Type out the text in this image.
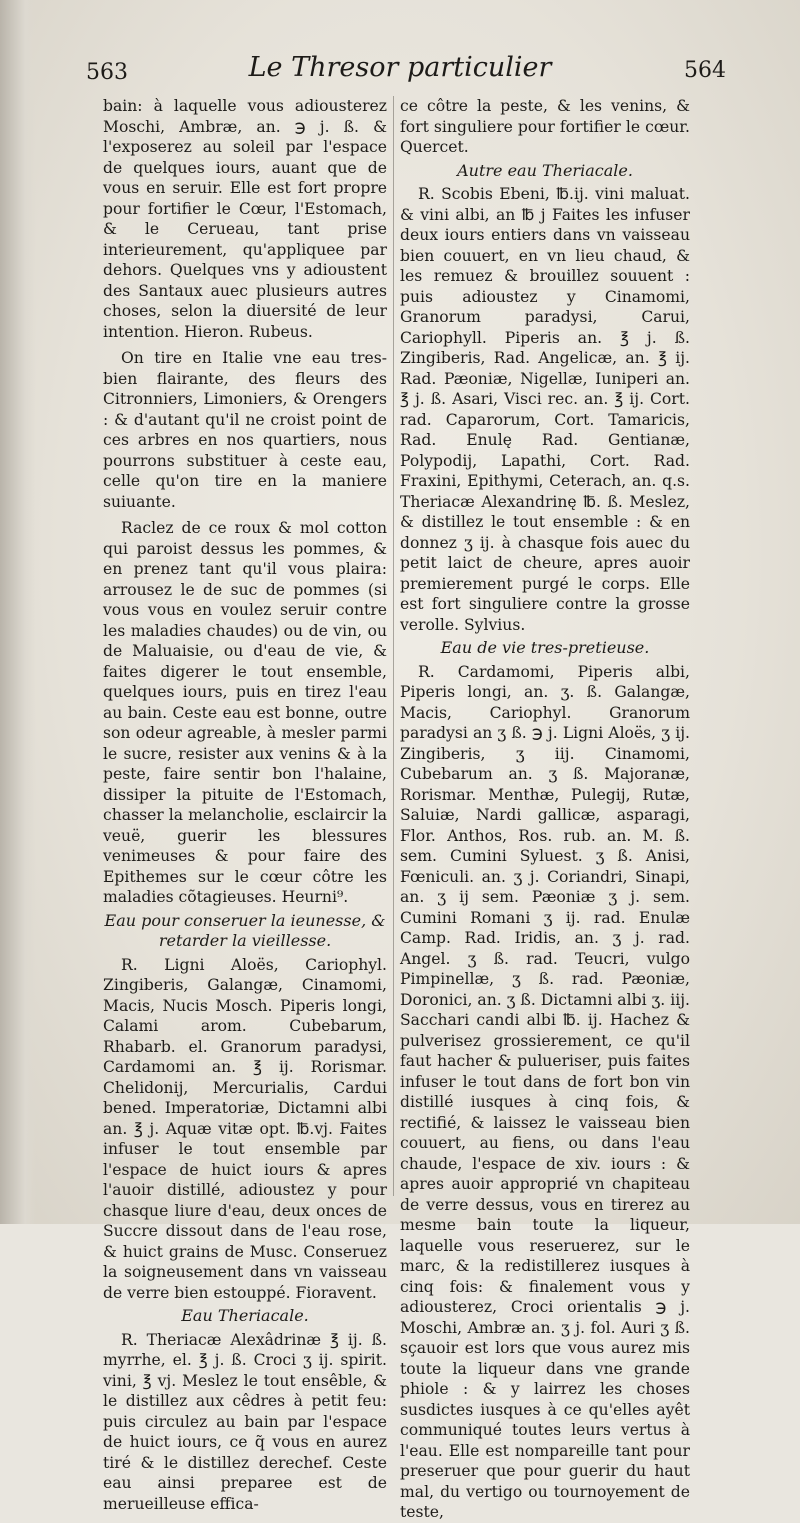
563	Le Thresor particulier	564

bain: à laquelle vous adiousterez Moschi, Ambræ, an. ℈ j. ß. & l'exposerez au soleil par l'espace de quelques iours, auant que de vous en seruir. Elle est fort propre pour fortifier le Cœur, l'Estomach, & le Cerueau, tant prise interieurement, qu'appliquee par dehors. Quelques vns y adioustent des Santaux auec plusieurs autres choses, selon la diuersité de leur intention. Hieron. Rubeus.

On tire en Italie vne eau tres-bien flairante, des fleurs des Citronniers, Limoniers, & Orengers : & d'autant qu'il ne croist point de ces arbres en nos quartiers, nous pourrons substituer à ceste eau, celle qu'on tire en la maniere suiuante.

Raclez de ce roux & mol cotton qui paroist dessus les pommes, & en prenez tant qu'il vous plaira: arrousez le de suc de pommes (si vous vous en voulez seruir contre les maladies chaudes) ou de vin, ou de Maluaisie, ou d'eau de vie, & faites digerer le tout ensemble, quelques iours, puis en tirez l'eau au bain. Ceste eau est bonne, outre son odeur agreable, à mesler parmi le sucre, resister aux venins & à la peste, faire sentir bon l'halaine, dissiper la pituite de l'Estomach, chasser la melancholie, esclaircir la veuë, guerir les blessures venimeuses & pour faire des Epithemes sur le cœur côtre les maladies cõtagieuses. Heurni⁹.

Eau pour conseruer la ieunesse, & retarder la vieillesse.

R. Ligni Aloës, Cariophyl. Zingiberis, Galangæ, Cinamomi, Macis, Nucis Mosch. Piperis longi, Calami arom. Cubebarum, Rhabarb. el. Granorum paradysi, Cardamomi an. ℥ ij. Rorismar. Chelidonij, Mercurialis, Cardui bened. Imperatoriæ, Dictamni albi an. ℥ j. Aquæ vitæ opt. ℔.vj. Faites infuser le tout ensemble par l'espace de huict iours & apres l'auoir distillé, adioustez y pour chasque liure d'eau, deux onces de Succre dissout dans de l'eau rose, & huict grains de Musc. Conseruez la soigneusement dans vn vaisseau de verre bien estouppé. Fioravent.

Eau Theriacale.

R. Theriacæ Alexâdrinæ ℥ ij. ß. myrrhe, el. ℥ j. ß. Croci ʒ ij. spirit. vini, ℥ vj. Meslez le tout ensêble, & le distillez aux cêdres à petit feu: puis circulez au bain par l'espace de huict iours, ce q̃ vous en aurez tiré & le distillez derechef. Ceste eau ainsi preparee est de merueilleuse effica-

ce côtre la peste, & les venins, & fort singuliere pour fortifier le cœur. Quercet.

Autre eau Theriacale.

R. Scobis Ebeni, ℔.ij. vini maluat. & vini albi, an ℔ j Faites les infuser deux iours entiers dans vn vaisseau bien couuert, en vn lieu chaud, & les remuez & brouillez souuent : puis adioustez y Cinamomi, Granorum paradysi, Carui, Cariophyll. Piperis an. ℥ j. ß. Zingiberis, Rad. Angelicæ, an. ℥ ij. Rad. Pæoniæ, Nigellæ, Iuniperi an. ℥ j. ß. Asari, Visci rec. an. ℥ ij. Cort. rad. Caparorum, Cort. Tamaricis, Rad. Enulę Rad. Gentianæ, Polypodij, Lapathi, Cort. Rad. Fraxini, Epithymi, Ceterach, an. q.s. Theriacæ Alexandrinę ℔. ß. Meslez, & distillez le tout ensemble : & en donnez ʒ ij. à chasque fois auec du petit laict de cheure, apres auoir premierement purgé le corps. Elle est fort singuliere contre la grosse verolle. Sylvius.

Eau de vie tres-pretieuse.

R. Cardamomi, Piperis albi, Piperis longi, an. ʒ. ß. Galangæ, Macis, Cariophyl. Granorum paradysi an ʒ ß. ℈ j. Ligni Aloës, ʒ ij. Zingiberis, ʒ iij. Cinamomi, Cubebarum an. ʒ ß. Majoranæ, Rorismar. Menthæ, Pulegij, Rutæ, Saluiæ, Nardi gallicæ, asparagi, Flor. Anthos, Ros. rub. an. M. ß. sem. Cumini Syluest. ʒ ß. Anisi, Fœniculi. an. ʒ j. Coriandri, Sinapi, an. ʒ ij sem. Pæoniæ ʒ j. sem. Cumini Romani ʒ ij. rad. Enulæ Camp. Rad. Iridis, an. ʒ j. rad. Angel. ʒ ß. rad. Teucri, vulgo Pimpinellæ, ʒ ß. rad. Pæoniæ, Doronici, an. ʒ ß. Dictamni albi ʒ. iij. Sacchari candi albi ℔. ij. Hachez & pulverisez grossierement, ce qu'il faut hacher & pulueriser, puis faites infuser le tout dans de fort bon vin distillé iusques à cinq fois, & rectifié, & laissez le vaisseau bien couuert, au fiens, ou dans l'eau chaude, l'espace de xiv. iours : & apres auoir approprié vn chapiteau de verre dessus, vous en tirerez au mesme bain toute la liqueur, laquelle vous reseruerez, sur le marc, & la redistillerez iusques à cinq fois: & finalement vous y adiousterez, Croci orientalis ℈ j. Moschi, Ambræ an. ʒ j. fol. Auri ʒ ß. sçauoir est lors que vous aurez mis toute la liqueur dans vne grande phiole : & y lairrez les choses susdictes iusques à ce qu'elles ayêt communiqué toutes leurs vertus à l'eau. Elle est nompareille tant pour preseruer que pour guerir du haut mal, du vertigo ou tournoyement de teste,
